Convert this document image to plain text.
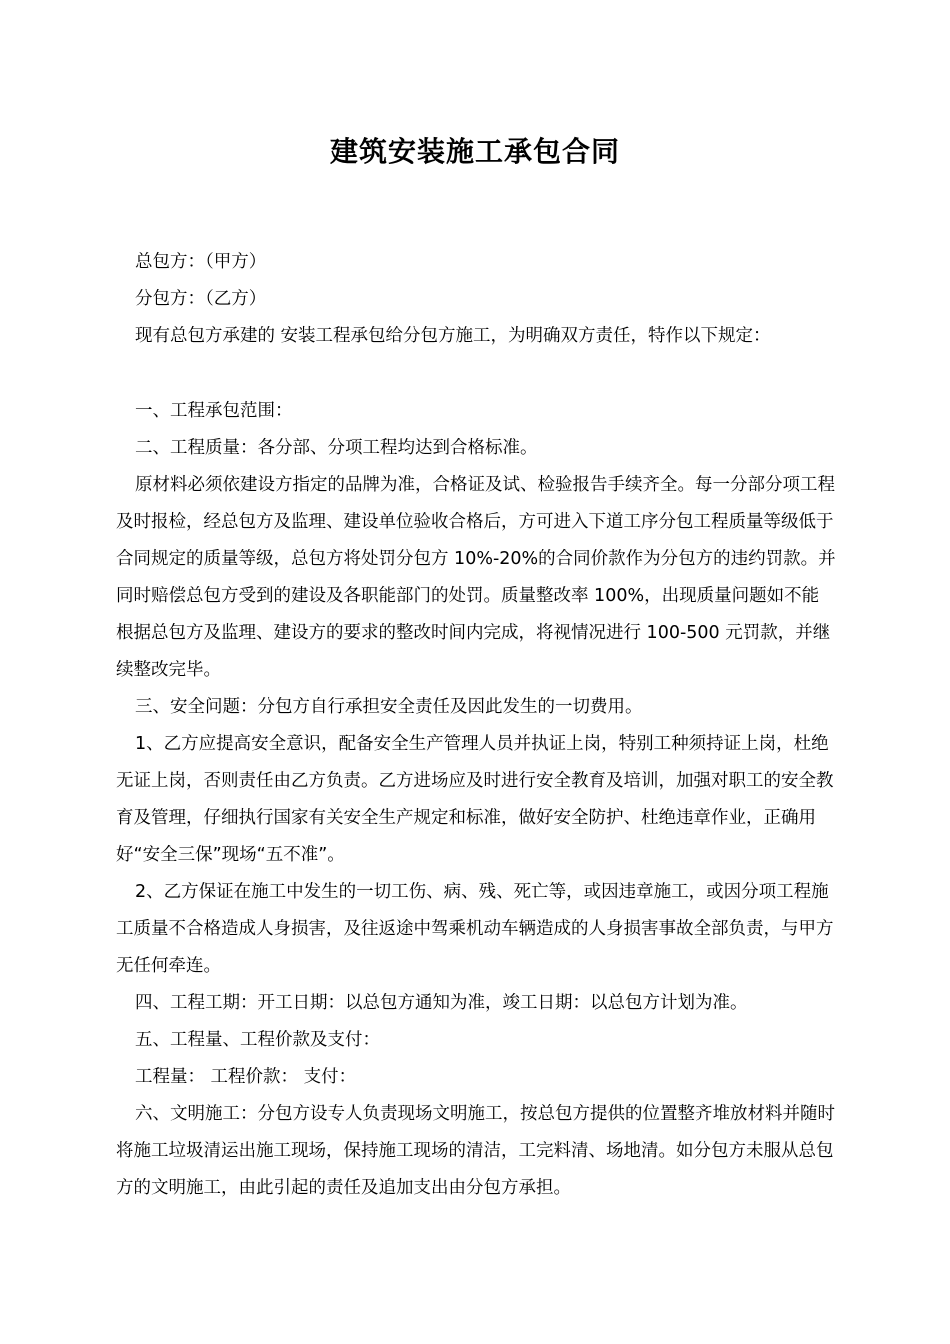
建筑安装施工承包合同

总包方：（甲方）

分包方：（乙方）

现有总包方承建的 安装工程承包给分包方施工，为明确双方责任，特作以下规定：

一、工程承包范围：

二、工程质量：各分部、分项工程均达到合格标准。

原材料必须依建设方指定的品牌为准，合格证及试、检验报告手续齐全。每一分部分项工程及时报检，经总包方及监理、建设单位验收合格后，方可进入下道工序分包工程质量等级低于合同规定的质量等级，总包方将处罚分包方 10%-20%的合同价款作为分包方的违约罚款。并同时赔偿总包方受到的建设及各职能部门的处罚。质量整改率 100%，出现质量问题如不能根据总包方及监理、建设方的要求的整改时间内完成，将视情况进行 100-500 元罚款，并继续整改完毕。

三、安全问题：分包方自行承担安全责任及因此发生的一切费用。

1、乙方应提高安全意识，配备安全生产管理人员并执证上岗，特别工种须持证上岗，杜绝无证上岗，否则责任由乙方负责。乙方进场应及时进行安全教育及培训，加强对职工的安全教育及管理，仔细执行国家有关安全生产规定和标准，做好安全防护、杜绝违章作业，正确用好“安全三保”现场“五不准”。

2、乙方保证在施工中发生的一切工伤、病、残、死亡等，或因违章施工，或因分项工程施工质量不合格造成人身损害，及往返途中驾乘机动车辆造成的人身损害事故全部负责，与甲方无任何牵连。

四、工程工期：开工日期：以总包方通知为准，竣工日期：以总包方计划为准。

五、工程量、工程价款及支付：

工程量： 工程价款： 支付：

六、文明施工：分包方设专人负责现场文明施工，按总包方提供的位置整齐堆放材料并随时将施工垃圾清运出施工现场，保持施工现场的清洁，工完料清、场地清。如分包方未服从总包方的文明施工，由此引起的责任及追加支出由分包方承担。
